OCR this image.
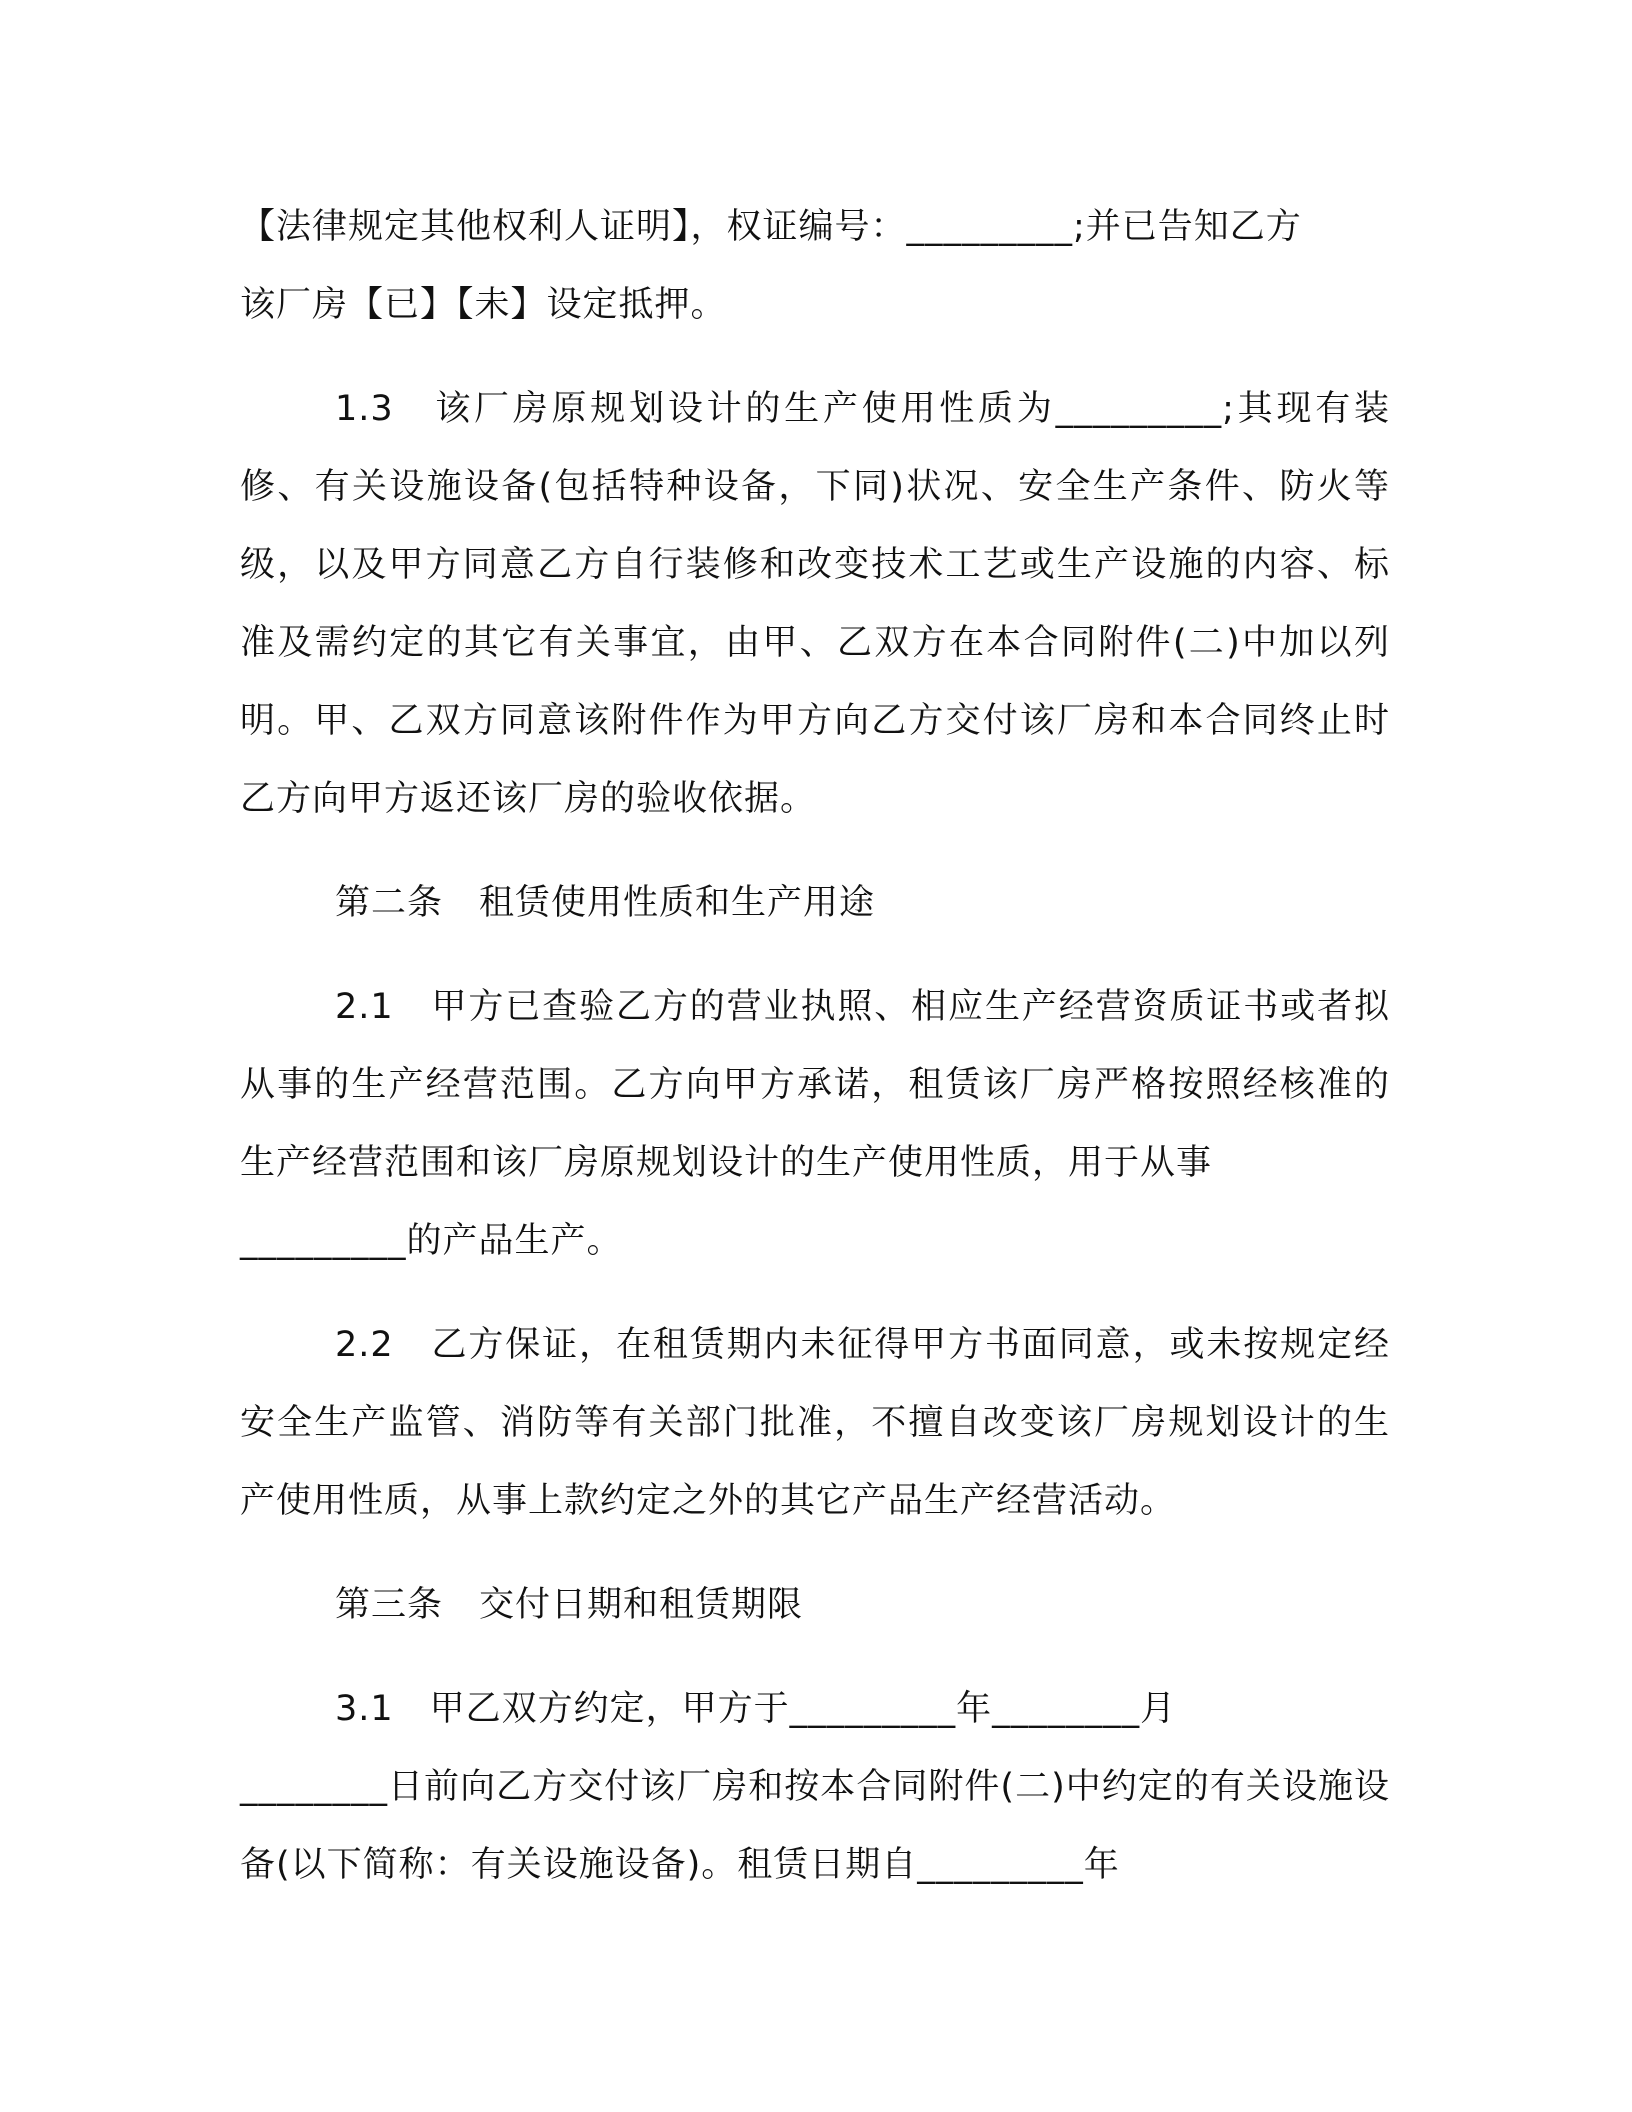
【法律规定其他权利人证明】，权证编号：_________;并已告知乙方
该厂房【已】【未】设定抵押。
1.3　该厂房原规划设计的生产使用性质为_________;其现有装修、有关设施设备(包括特种设备，下同)状况、安全生产条件、防火等级，以及甲方同意乙方自行装修和改变技术工艺或生产设施的内容、标准及需约定的其它有关事宜，由甲、乙双方在本合同附件(二)中加以列明。甲、乙双方同意该附件作为甲方向乙方交付该厂房和本合同终止时乙方向甲方返还该厂房的验收依据。
第二条　租赁使用性质和生产用途
2.1　甲方已查验乙方的营业执照、相应生产经营资质证书或者拟从事的生产经营范围。乙方向甲方承诺，租赁该厂房严格按照经核准的生产经营范围和该厂房原规划设计的生产使用性质，用于从事
_________的产品生产。
2.2　乙方保证，在租赁期内未征得甲方书面同意，或未按规定经安全生产监管、消防等有关部门批准，不擅自改变该厂房规划设计的生产使用性质，从事上款约定之外的其它产品生产经营活动。
第三条　交付日期和租赁期限
3.1　甲乙双方约定，甲方于_________年________月
________日前向乙方交付该厂房和按本合同附件(二)中约定的有关设施设备(以下简称：有关设施设备)。租赁日期自_________年
